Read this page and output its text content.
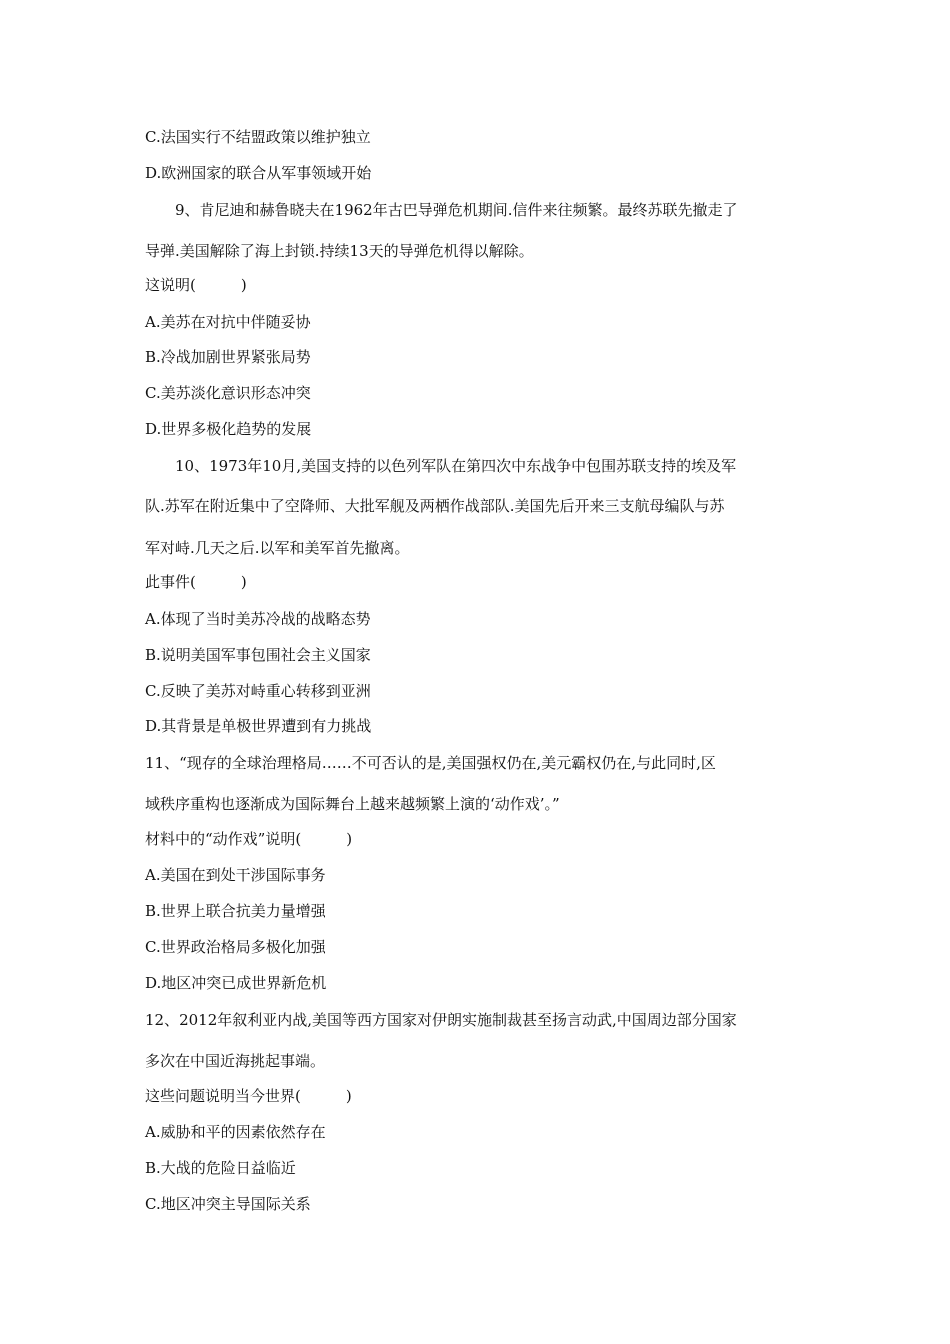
C.法国实行不结盟政策以维护独立
D.欧洲国家的联合从军事领域开始
9、肯尼迪和赫鲁晓夫在1962年古巴导弹危机期间.信件来往频繁。最终苏联先撤走了
导弹.美国解除了海上封锁.持续13天的导弹危机得以解除。
这说明(　　　)
A.美苏在对抗中伴随妥协
B.冷战加剧世界紧张局势
C.美苏淡化意识形态冲突
D.世界多极化趋势的发展
10、1973年10月,美国支持的以色列军队在第四次中东战争中包围苏联支持的埃及军
队.苏军在附近集中了空降师、大批军舰及两栖作战部队.美国先后开来三支航母编队与苏
军对峙.几天之后.以军和美军首先撤离。
此事件(　　　)
A.体现了当时美苏冷战的战略态势
B.说明美国军事包围社会主义国家
C.反映了美苏对峙重心转移到亚洲
D.其背景是单极世界遭到有力挑战
11、“现存的全球治理格局……不可否认的是,美国强权仍在,美元霸权仍在,与此同时,区
域秩序重构也逐渐成为国际舞台上越来越频繁上演的‘动作戏’。”
材料中的“动作戏”说明(　　　)
A.美国在到处干涉国际事务
B.世界上联合抗美力量增强
C.世界政治格局多极化加强
D.地区冲突已成世界新危机
12、2012年叙利亚内战,美国等西方国家对伊朗实施制裁甚至扬言动武,中国周边部分国家
多次在中国近海挑起事端。
这些问题说明当今世界(　　　)
A.威胁和平的因素依然存在
B.大战的危险日益临近
C.地区冲突主导国际关系
